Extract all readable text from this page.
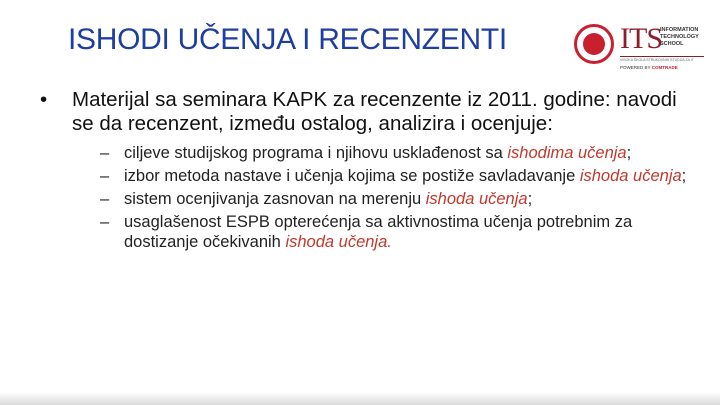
ISHODI UČENJA I RECENZENTI	ITS
INFORMATION
TECHNOLOGY
SCHOOL
VISOKA ŠKOLA STRUKOVNIH STUDIJA ZA IT
POWERED BY COMTRADE
• Materijal sa seminara KAPK za recenzente iz 2011. godine: navodi se da recenzent, između ostalog, analizira i ocenjuje:
– ciljeve studijskog programa i njihovu usklađenost sa ishodima učenja;
– izbor metoda nastave i učenja kojima se postiže savladavanje ishoda učenja;
– sistem ocenjivanja zasnovan na merenju ishoda učenja;
– usaglašenost ESPB opterećenja sa aktivnostima učenja potrebnim za dostizanje očekivanih ishoda učenja.
